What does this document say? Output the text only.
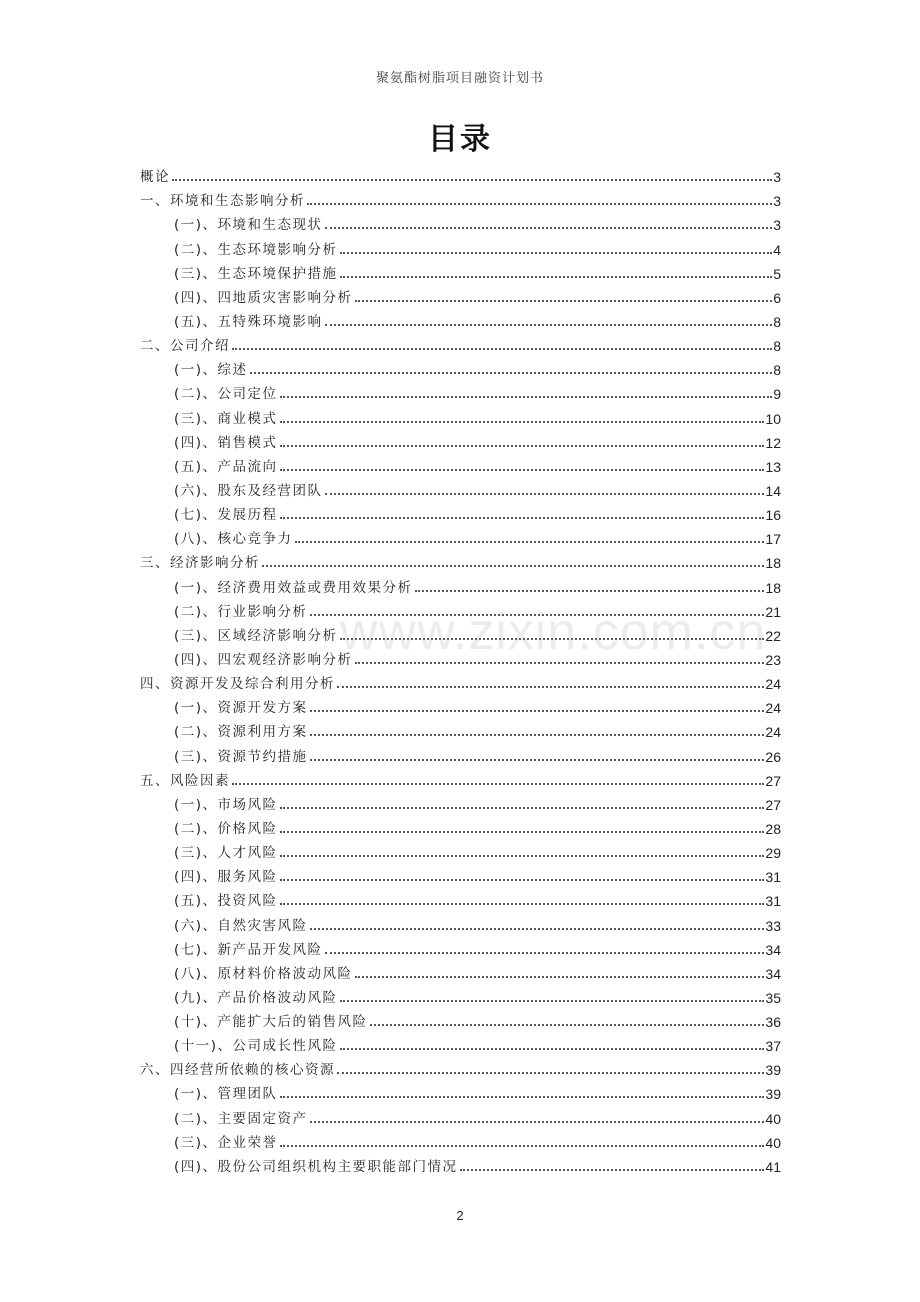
聚氨酯树脂项目融资计划书
目录
概论	3
一、环境和生态影响分析	3
(一)、环境和生态现状	3
(二)、生态环境影响分析	4
(三)、生态环境保护措施	5
(四)、四地质灾害影响分析	6
(五)、五特殊环境影响	8
二、公司介绍	8
(一)、综述	8
(二)、公司定位	9
(三)、商业模式	10
(四)、销售模式	12
(五)、产品流向	13
(六)、股东及经营团队	14
(七)、发展历程	16
(八)、核心竞争力	17
三、经济影响分析	18
(一)、经济费用效益或费用效果分析	18
(二)、行业影响分析	21
(三)、区域经济影响分析	22
(四)、四宏观经济影响分析	23
四、资源开发及综合利用分析	24
(一)、资源开发方案	24
(二)、资源利用方案	24
(三)、资源节约措施	26
五、风险因素	27
(一)、市场风险	27
(二)、价格风险	28
(三)、人才风险	29
(四)、服务风险	31
(五)、投资风险	31
(六)、自然灾害风险	33
(七)、新产品开发风险	34
(八)、原材料价格波动风险	34
(九)、产品价格波动风险	35
(十)、产能扩大后的销售风险	36
(十一)、公司成长性风险	37
六、四经营所依赖的核心资源	39
(一)、管理团队	39
(二)、主要固定资产	40
(三)、企业荣誉	40
(四)、股份公司组织机构主要职能部门情况	41
www.zixin.com.cn
2
